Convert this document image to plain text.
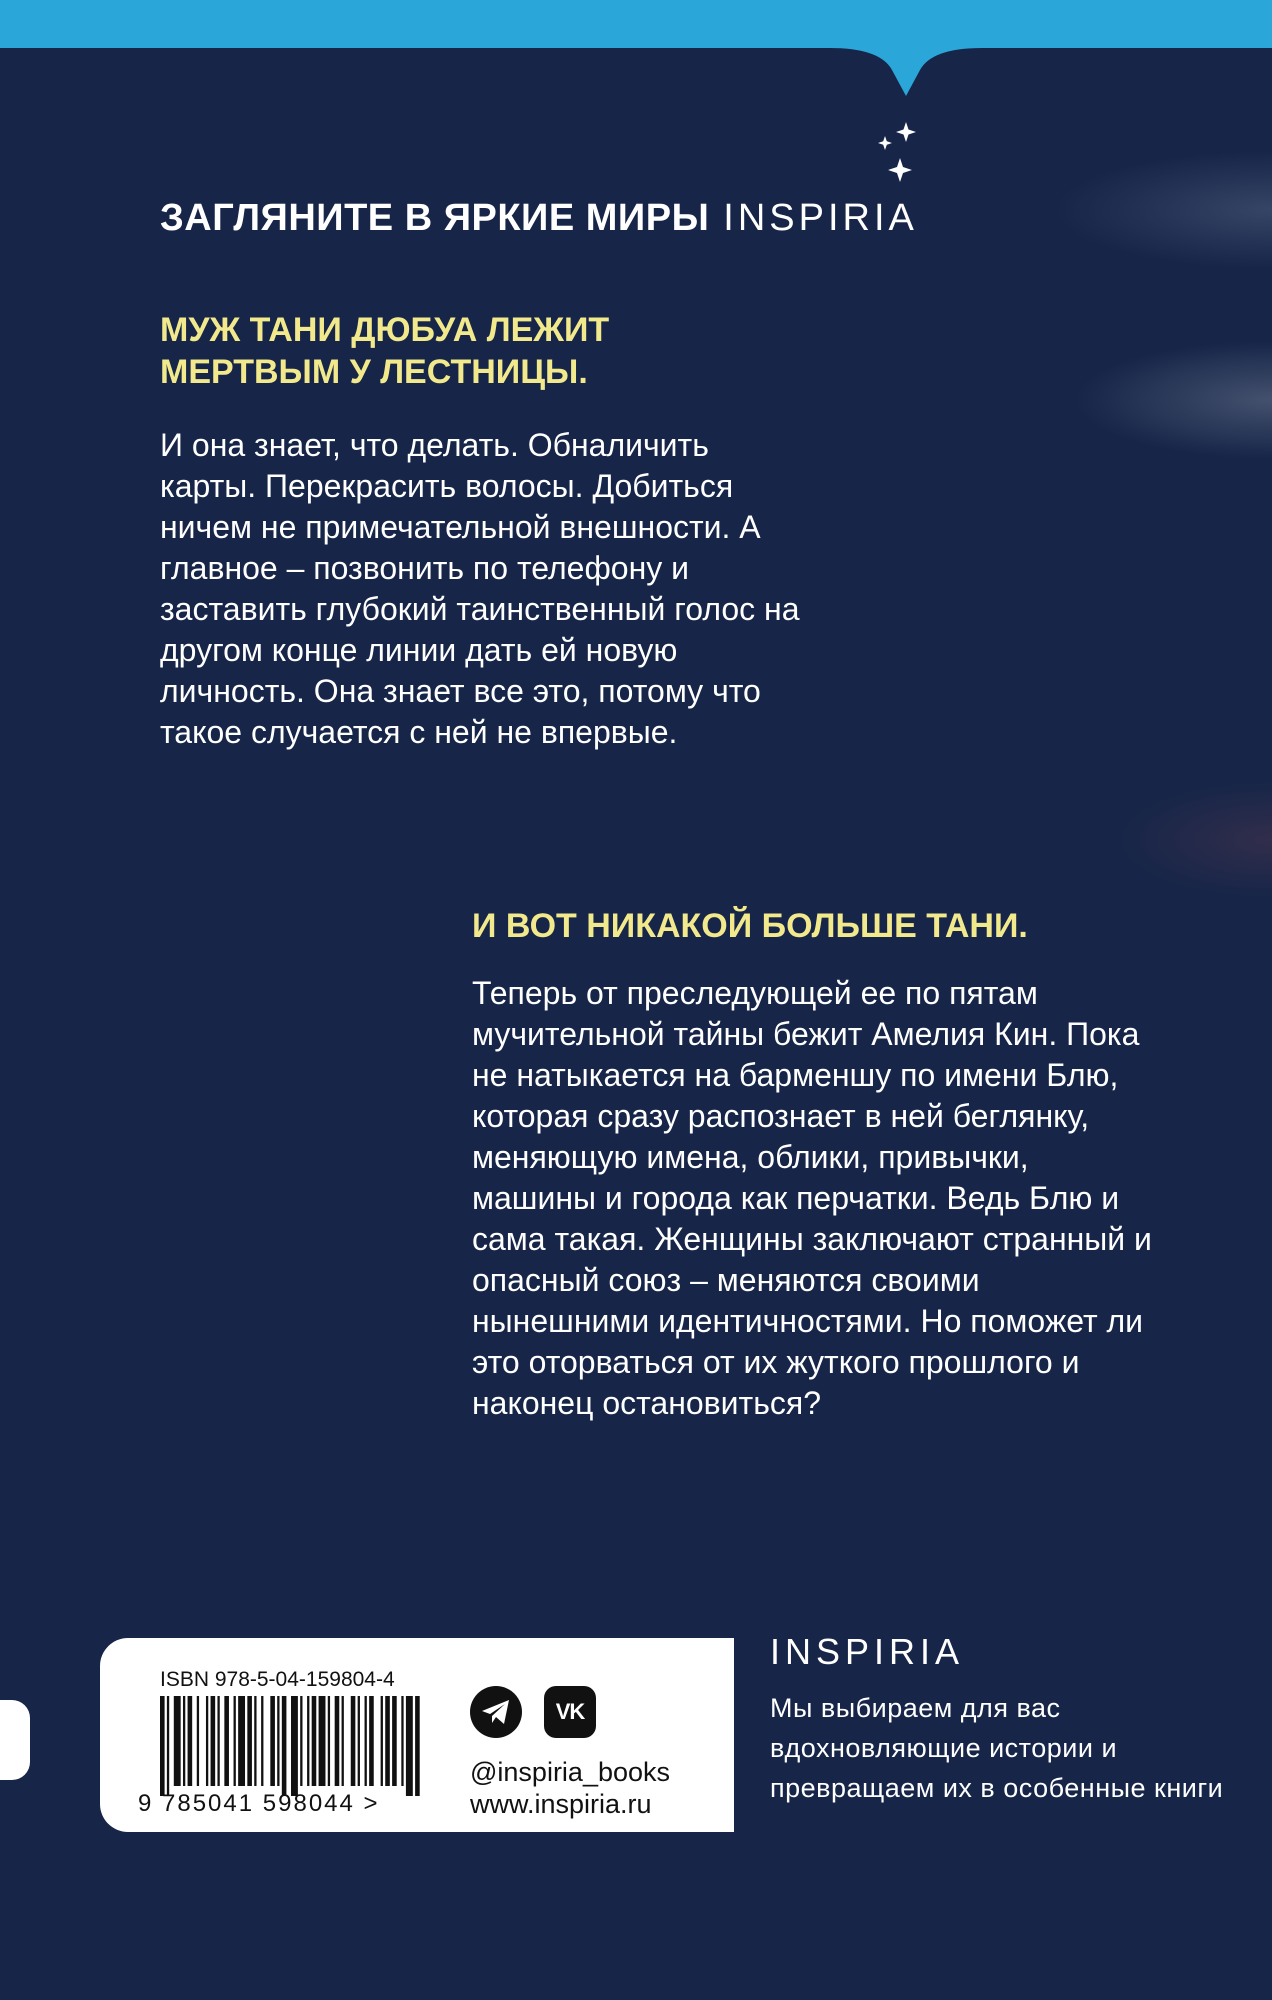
ЗАГЛЯНИТЕ В ЯРКИЕ МИРЫ INSPIRIA
МУЖ ТАНИ ДЮБУА ЛЕЖИТ МЕРТВЫМ У ЛЕСТНИЦЫ.

И она знает, что делать. Обналичить карты. Перекрасить волосы. Добиться ничем не примечательной внешности. А главное – позвонить по телефону и заставить глубокий таинственный голос на другом конце линии дать ей новую личность. Она знает все это, потому что такое случается с ней не впервые.

И ВОТ НИКАКОЙ БОЛЬШЕ ТАНИ.

Теперь от преследующей ее по пятам мучительной тайны бежит Амелия Кин. Пока не натыкается на барменшу по имени Блю, которая сразу распознает в ней беглянку, меняющую имена, облики, привычки, машины и города как перчатки. Ведь Блю и сама такая. Женщины заключают странный и опасный союз – меняются своими нынешними идентичностями. Но поможет ли это оторваться от их жуткого прошлого и наконец остановиться?

ISBN 978-5-04-159804-4

9 785041 598044 >

VK

@inspiria_books

www.inspiria.ru

INSPIRIA

Мы выбираем для вас вдохновляющие истории и превращаем их в особенные книги
